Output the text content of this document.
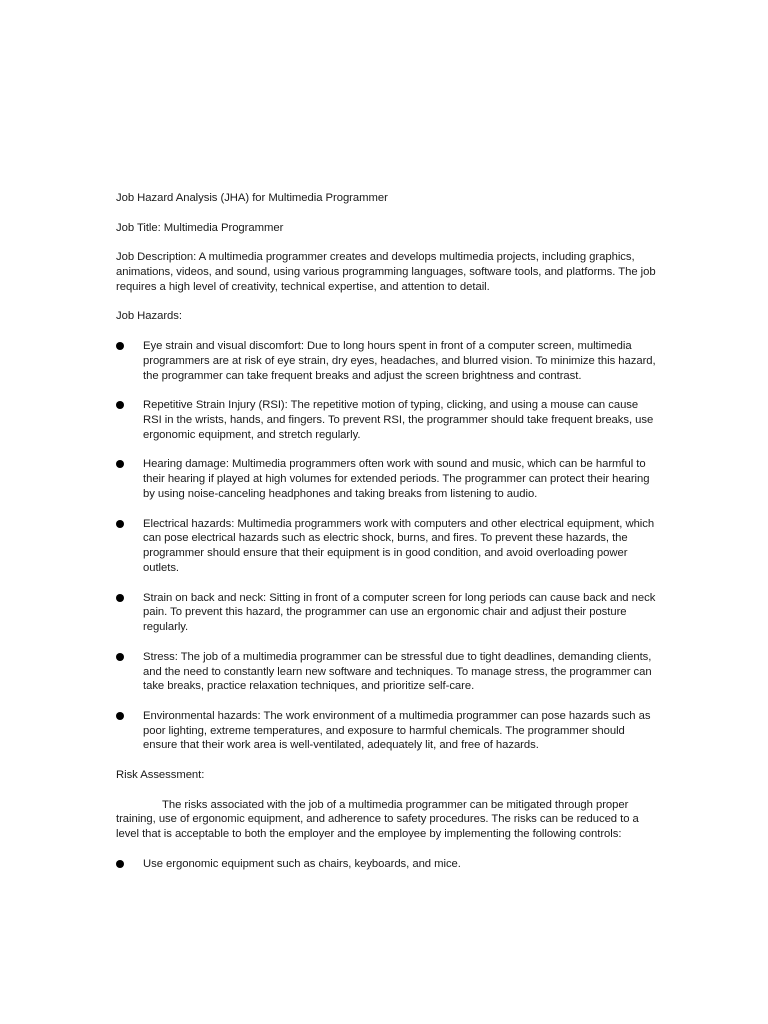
Job Hazard Analysis (JHA) for Multimedia Programmer

Job Title: Multimedia Programmer

Job Description: A multimedia programmer creates and develops multimedia projects, including graphics, animations, videos, and sound, using various programming languages, software tools, and platforms. The job requires a high level of creativity, technical expertise, and attention to detail.

Job Hazards:

Eye strain and visual discomfort: Due to long hours spent in front of a computer screen, multimedia programmers are at risk of eye strain, dry eyes, headaches, and blurred vision. To minimize this hazard, the programmer can take frequent breaks and adjust the screen brightness and contrast.
Repetitive Strain Injury (RSI): The repetitive motion of typing, clicking, and using a mouse can cause RSI in the wrists, hands, and fingers. To prevent RSI, the programmer should take frequent breaks, use ergonomic equipment, and stretch regularly.
Hearing damage: Multimedia programmers often work with sound and music, which can be harmful to their hearing if played at high volumes for extended periods. The programmer can protect their hearing by using noise-canceling headphones and taking breaks from listening to audio.
Electrical hazards: Multimedia programmers work with computers and other electrical equipment, which can pose electrical hazards such as electric shock, burns, and fires. To prevent these hazards, the programmer should ensure that their equipment is in good condition, and avoid overloading power outlets.
Strain on back and neck: Sitting in front of a computer screen for long periods can cause back and neck pain. To prevent this hazard, the programmer can use an ergonomic chair and adjust their posture regularly.
Stress: The job of a multimedia programmer can be stressful due to tight deadlines, demanding clients, and the need to constantly learn new software and techniques. To manage stress, the programmer can take breaks, practice relaxation techniques, and prioritize self-care.
Environmental hazards: The work environment of a multimedia programmer can pose hazards such as poor lighting, extreme temperatures, and exposure to harmful chemicals. The programmer should ensure that their work area is well-ventilated, adequately lit, and free of hazards.

Risk Assessment:

The risks associated with the job of a multimedia programmer can be mitigated through proper training, use of ergonomic equipment, and adherence to safety procedures. The risks can be reduced to a level that is acceptable to both the employer and the employee by implementing the following controls:

Use ergonomic equipment such as chairs, keyboards, and mice.
